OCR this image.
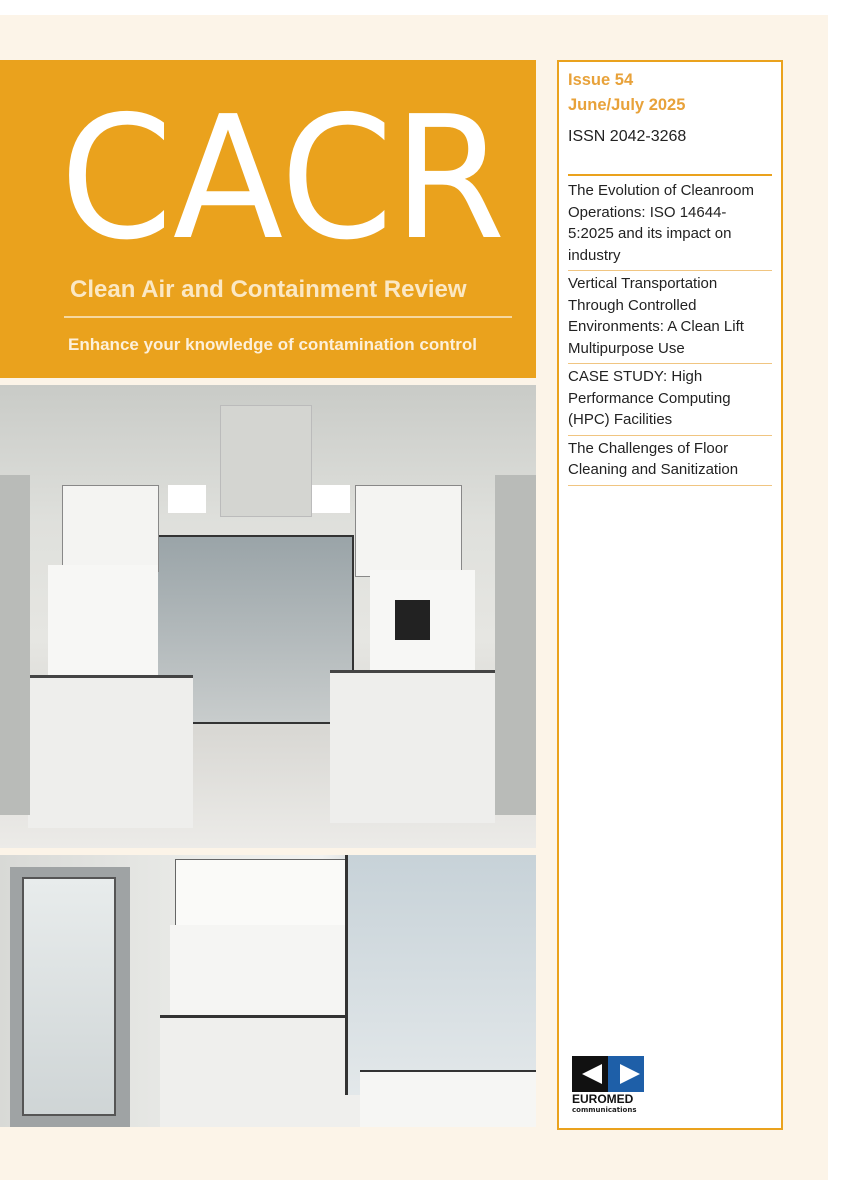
CACR
Clean Air and Containment Review
Enhance your knowledge of contamination control
Issue 54
June/July 2025
ISSN 2042-3268
The Evolution of Cleanroom Operations: ISO 14644-5:2025 and its impact on industry
Vertical Transportation Through Controlled Environments: A Clean Lift Multipurpose Use
CASE STUDY: High Performance Computing (HPC) Facilities
The Challenges of Floor Cleaning and Sanitization
EUROMED
communications
